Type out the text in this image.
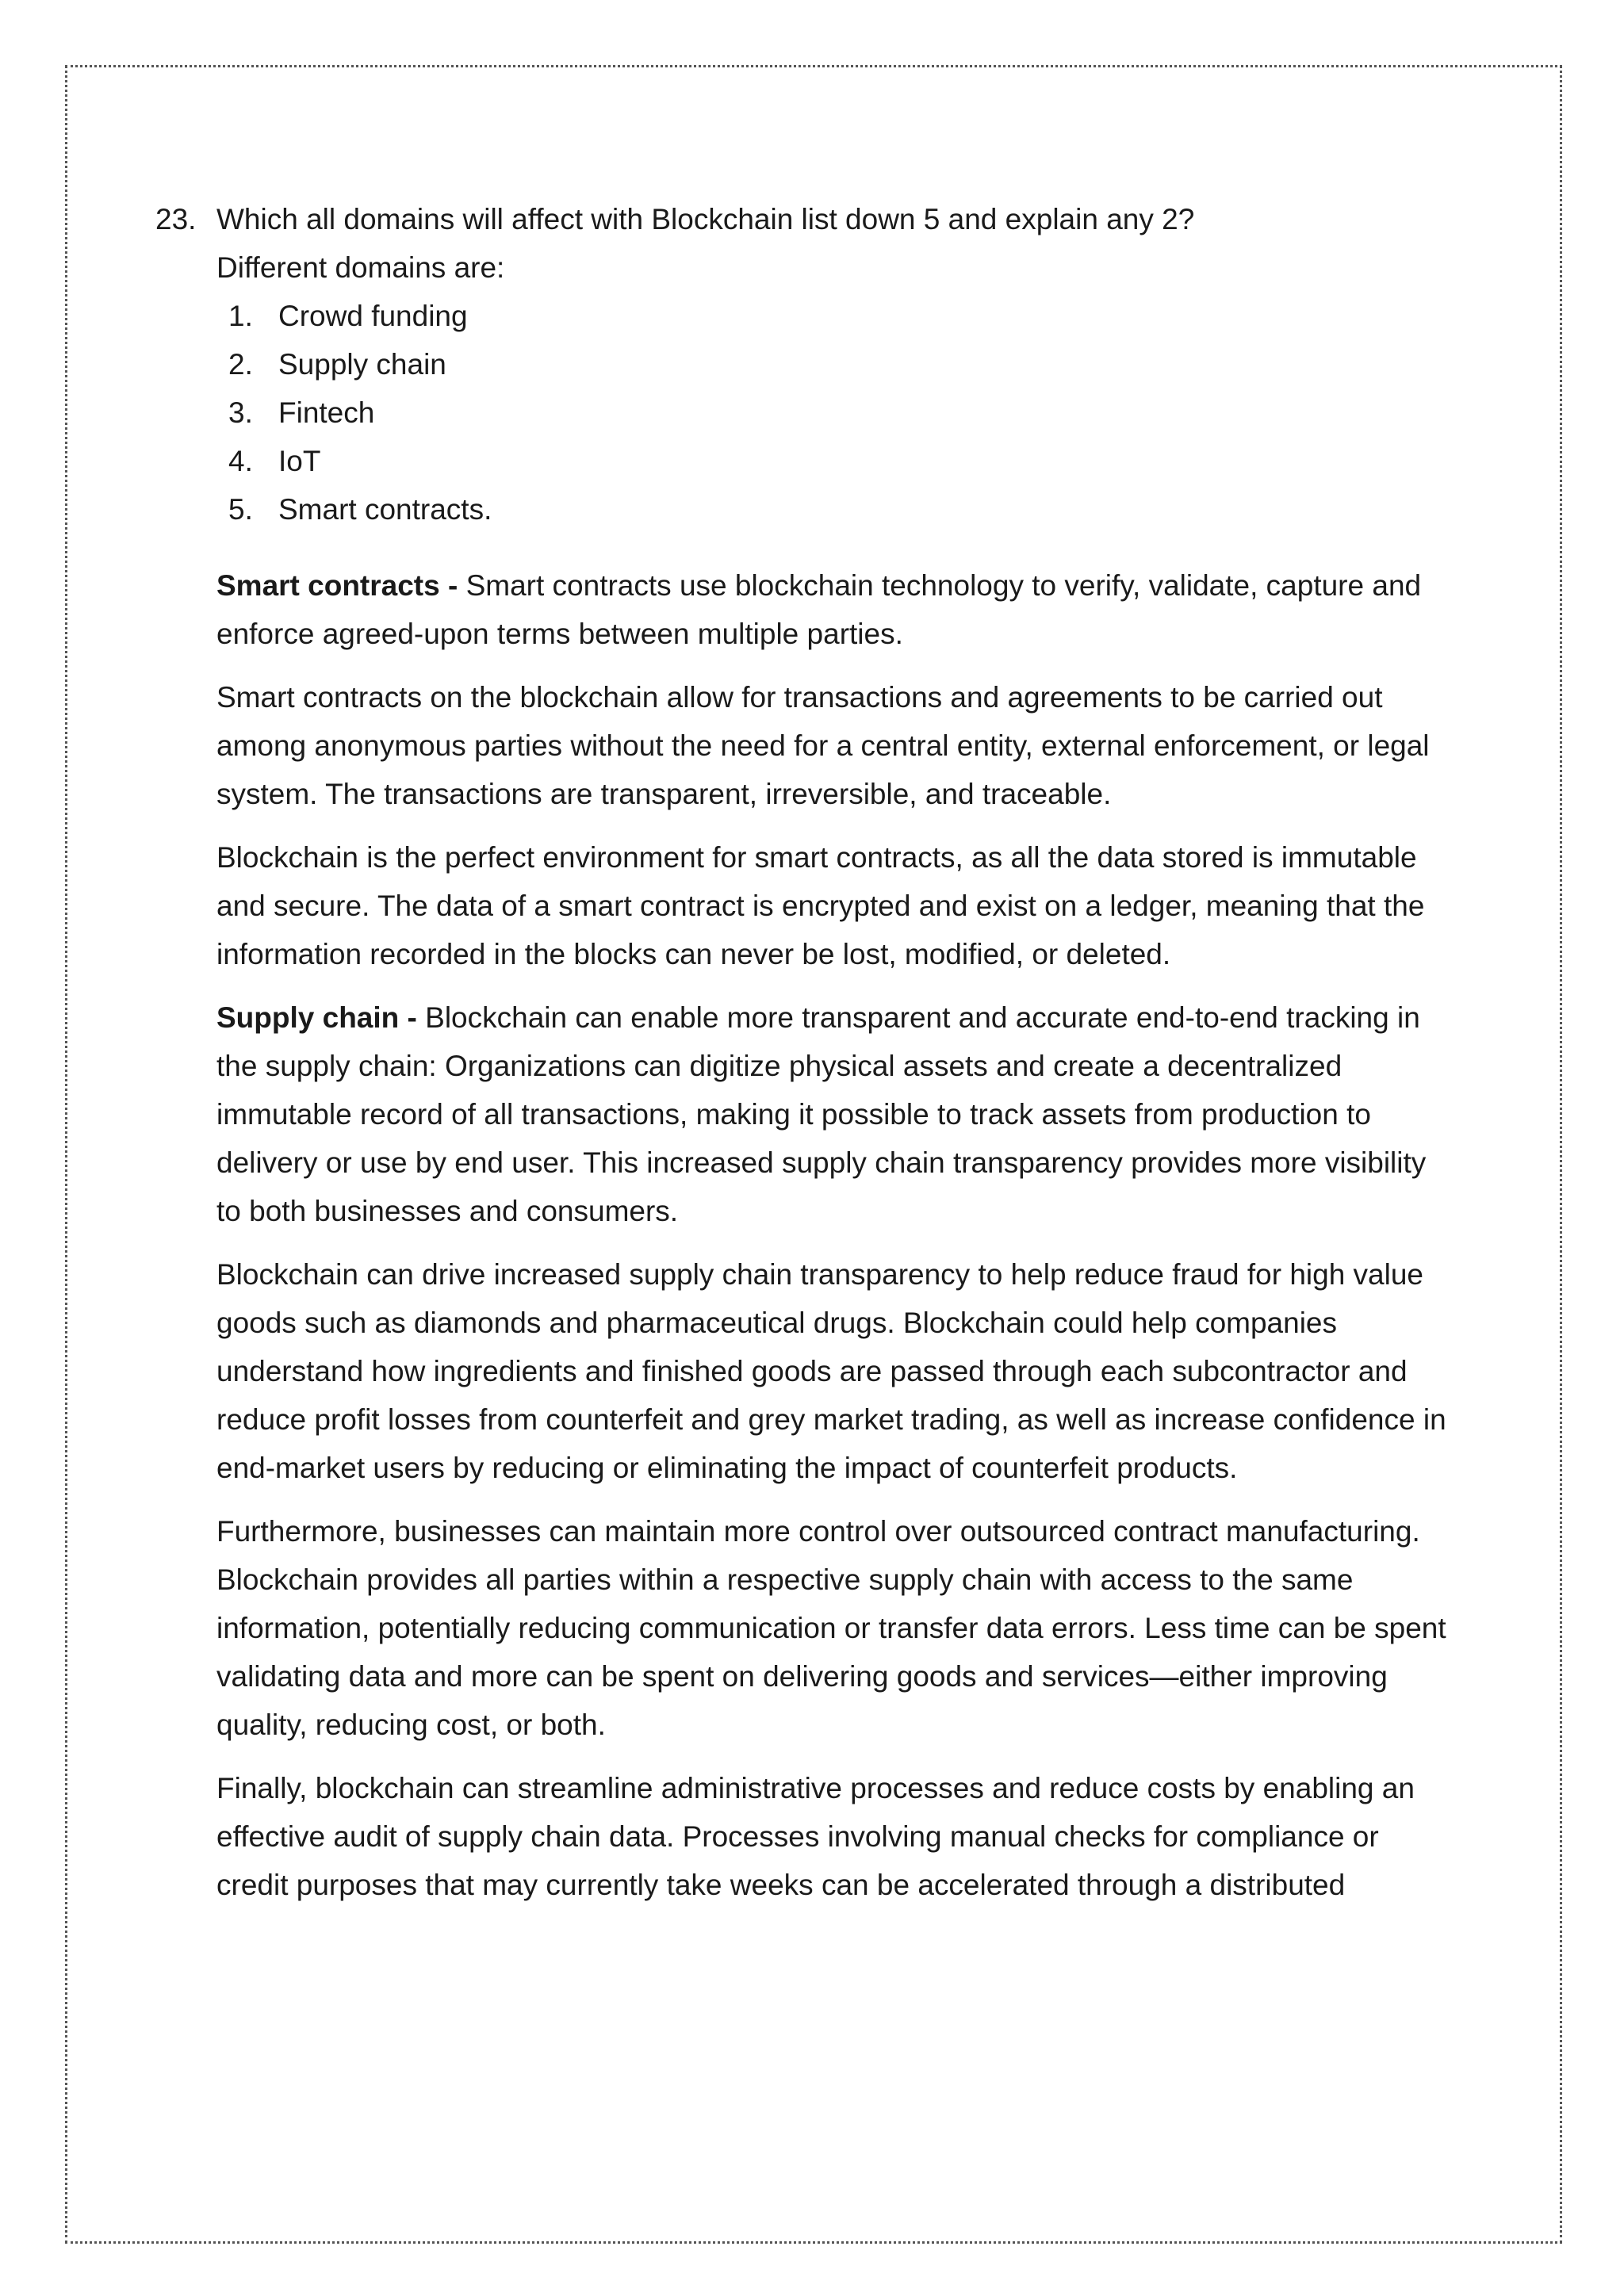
23. Which all domains will affect with Blockchain list down 5 and explain any 2?

Different domains are:

1. Crowd funding
2. Supply chain
3. Fintech
4. IoT
5. Smart contracts.

Smart contracts - Smart contracts use blockchain technology to verify, validate, capture and enforce agreed-upon terms between multiple parties.

Smart contracts on the blockchain allow for transactions and agreements to be carried out among anonymous parties without the need for a central entity, external enforcement, or legal system. The transactions are transparent, irreversible, and traceable.

Blockchain is the perfect environment for smart contracts, as all the data stored is immutable and secure. The data of a smart contract is encrypted and exist on a ledger, meaning that the information recorded in the blocks can never be lost, modified, or deleted.

Supply chain - Blockchain can enable more transparent and accurate end-to-end tracking in the supply chain: Organizations can digitize physical assets and create a decentralized immutable record of all transactions, making it possible to track assets from production to delivery or use by end user. This increased supply chain transparency provides more visibility to both businesses and consumers.

Blockchain can drive increased supply chain transparency to help reduce fraud for high value goods such as diamonds and pharmaceutical drugs. Blockchain could help companies understand how ingredients and finished goods are passed through each subcontractor and reduce profit losses from counterfeit and grey market trading, as well as increase confidence in end-market users by reducing or eliminating the impact of counterfeit products.

Furthermore, businesses can maintain more control over outsourced contract manufacturing. Blockchain provides all parties within a respective supply chain with access to the same information, potentially reducing communication or transfer data errors. Less time can be spent validating data and more can be spent on delivering goods and services—either improving quality, reducing cost, or both.

Finally, blockchain can streamline administrative processes and reduce costs by enabling an effective audit of supply chain data. Processes involving manual checks for compliance or credit purposes that may currently take weeks can be accelerated through a distributed
